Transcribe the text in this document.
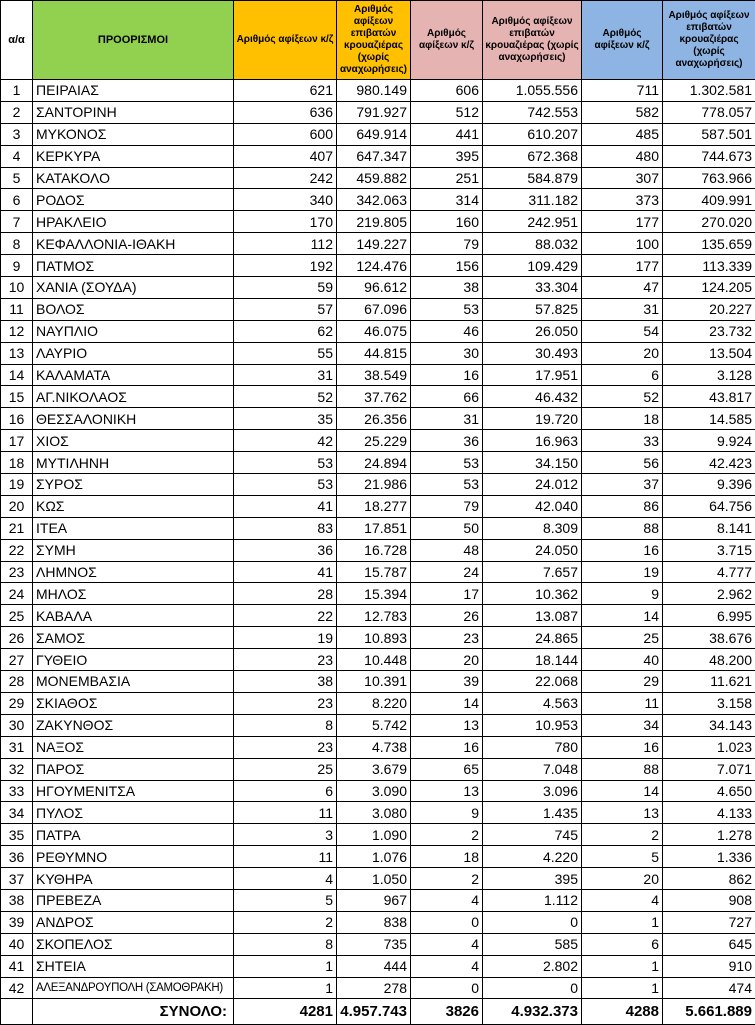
α/α	ΠΡΟΟΡΙΣΜΟΙ	Αριθμός αφίξεων κ/ζ	Αριθμός αφίξεων επιβατών κρουαζιέρας (χωρίς αναχωρήσεις)	Αριθμός αφίξεων κ/ζ	Αριθμός αφίξεων επιβατών κρουαζιέρας (χωρίς αναχωρήσεις)	Αριθμός αφίξεων κ/ζ	Αριθμός αφίξεων επιβατών κρουαζιέρας (χωρίς αναχωρήσεις)
1	ΠΕΙΡΑΙΑΣ	621	980.149	606	1.055.556	711	1.302.581
2	ΣΑΝΤΟΡΙΝΗ	636	791.927	512	742.553	582	778.057
3	ΜΥΚΟΝΟΣ	600	649.914	441	610.207	485	587.501
4	ΚΕΡΚΥΡΑ	407	647.347	395	672.368	480	744.673
5	ΚΑΤΑΚΟΛΟ	242	459.882	251	584.879	307	763.966
6	ΡΟΔΟΣ	340	342.063	314	311.182	373	409.991
7	ΗΡΑΚΛΕΙΟ	170	219.805	160	242.951	177	270.020
8	ΚΕΦΑΛΛΟΝΙΑ-ΙΘΑΚΗ	112	149.227	79	88.032	100	135.659
9	ΠΑΤΜΟΣ	192	124.476	156	109.429	177	113.339
10	ΧΑΝΙΑ (ΣΟΥΔΑ)	59	96.612	38	33.304	47	124.205
11	ΒΟΛΟΣ	57	67.096	53	57.825	31	20.227
12	ΝΑΥΠΛΙΟ	62	46.075	46	26.050	54	23.732
13	ΛΑΥΡΙΟ	55	44.815	30	30.493	20	13.504
14	ΚΑΛΑΜΑΤΑ	31	38.549	16	17.951	6	3.128
15	ΑΓ.ΝΙΚΟΛΑΟΣ	52	37.762	66	46.432	52	43.817
16	ΘΕΣΣΑΛΟΝΙΚΗ	35	26.356	31	19.720	18	14.585
17	ΧΙΟΣ	42	25.229	36	16.963	33	9.924
18	ΜΥΤΙΛΗΝΗ	53	24.894	53	34.150	56	42.423
19	ΣΥΡΟΣ	53	21.986	53	24.012	37	9.396
20	ΚΩΣ	41	18.277	79	42.040	86	64.756
21	ΙΤΕΑ	83	17.851	50	8.309	88	8.141
22	ΣΥΜΗ	36	16.728	48	24.050	16	3.715
23	ΛΗΜΝΟΣ	41	15.787	24	7.657	19	4.777
24	ΜΗΛΟΣ	28	15.394	17	10.362	9	2.962
25	ΚΑΒΑΛΑ	22	12.783	26	13.087	14	6.995
26	ΣΑΜΟΣ	19	10.893	23	24.865	25	38.676
27	ΓΥΘΕΙΟ	23	10.448	20	18.144	40	48.200
28	ΜΟΝΕΜΒΑΣΙΑ	38	10.391	39	22.068	29	11.621
29	ΣΚΙΑΘΟΣ	23	8.220	14	4.563	11	3.158
30	ΖΑΚΥΝΘΟΣ	8	5.742	13	10.953	34	34.143
31	ΝΑΞΟΣ	23	4.738	16	780	16	1.023
32	ΠΑΡΟΣ	25	3.679	65	7.048	88	7.071
33	ΗΓΟΥΜΕΝΙΤΣΑ	6	3.090	13	3.096	14	4.650
34	ΠΥΛΟΣ	11	3.080	9	1.435	13	4.133
35	ΠΑΤΡΑ	3	1.090	2	745	2	1.278
36	ΡΕΘΥΜΝΟ	11	1.076	18	4.220	5	1.336
37	ΚΥΘΗΡΑ	4	1.050	2	395	20	862
38	ΠΡΕΒΕΖΑ	5	967	4	1.112	4	908
39	ΑΝΔΡΟΣ	2	838	0	0	1	727
40	ΣΚΟΠΕΛΟΣ	8	735	4	585	6	645
41	ΣΗΤΕΙΑ	1	444	4	2.802	1	910
42	ΑΛΕΞΑΝΔΡΟΥΠΟΛΗ (ΣΑΜΟΘΡΑΚΗ)	1	278	0	0	1	474
	ΣΥΝΟΛΟ:	4281	4.957.743	3826	4.932.373	4288	5.661.889
